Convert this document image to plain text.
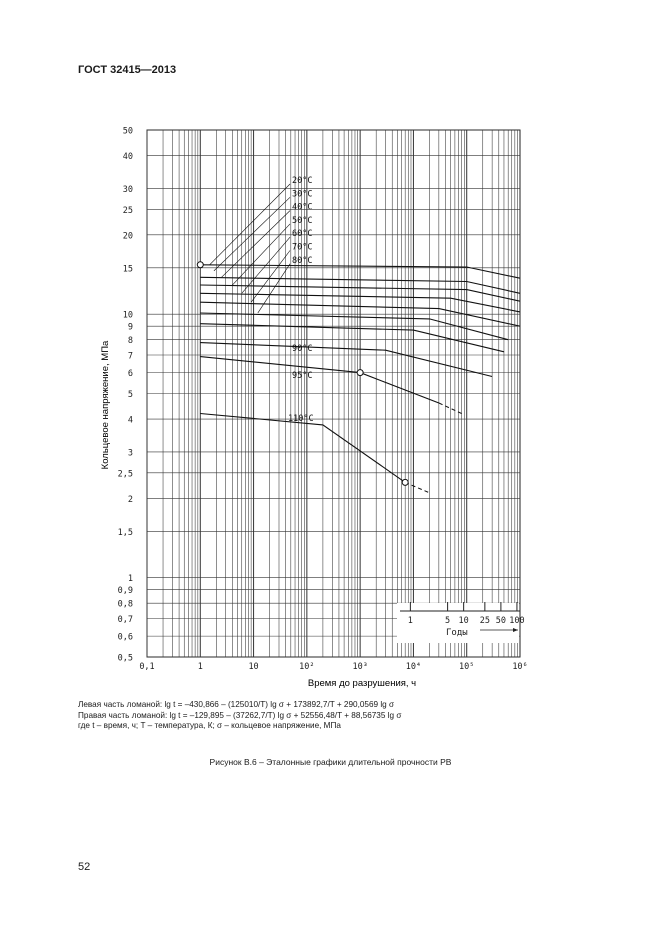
ГОСТ 32415—2013
50
40
30
25
20
15
10
9
8
7
6
5
4
3
2,5
2
1,5
1
0,9
0,8
0,7
0,6
0,5
0,1	1	10	10²	10³	10⁴	10⁵	10⁶
1	5 10 25 50 100
Годы
20°C
30°C
40°C
50°C
60°C
70°C
80°C
90°C
95°C
110°C
Кольцевое напряжение, МПа
Время до разрушения, ч
Левая часть ломаной: lg t = –430,866 – (125010/T) lg σ + 173892,7/T + 290,0569 lg σ
Правая часть ломаной: lg t = –129,895 – (37262,7/T) lg σ + 52556,48/T + 88,56735 lg σ
где t – время, ч; T – температура, К; σ – кольцевое напряжение, МПа
Рисунок В.6 – Эталонные графики длительной прочности РВ
52
